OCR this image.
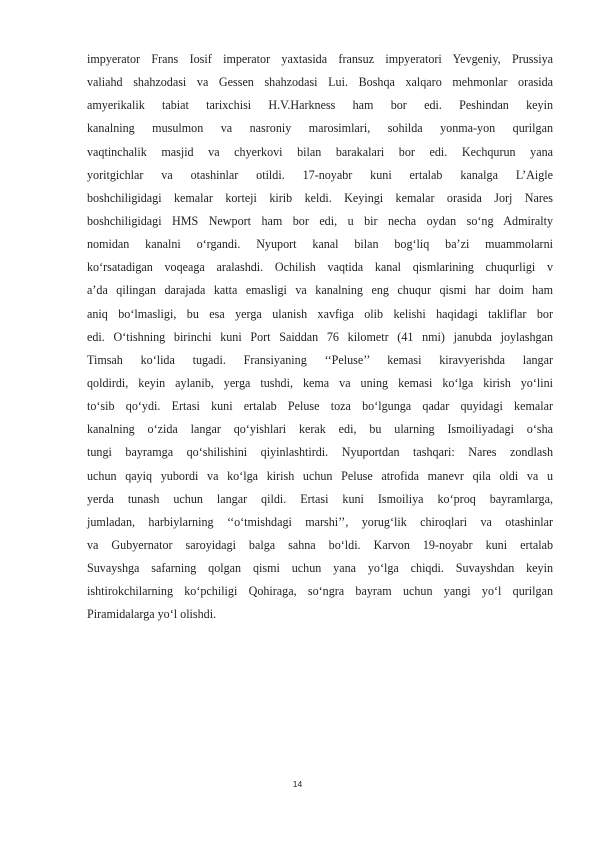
impyerator Frans Iosif imperator yaxtasida fransuz impyeratori Yevgeniy, Prussiya
valiahd shahzodasi va Gessen shahzodasi Lui. Boshqa xalqaro mehmonlar orasida
amyerikalik tabiat tarixchisi H.V.Harkness ham bor edi. Peshindan keyin
kanalning musulmon va nasroniy marosimlari, sohilda yonma-yon qurilgan
vaqtinchalik masjid va chyerkovi bilan barakalari bor edi. Kechqurun yana
yoritgichlar va otashinlar otildi. 17-noyabr kuni ertalab kanalga L’Aigle
boshchiligidagi kemalar korteji kirib keldi. Keyingi kemalar orasida Jorj Nares
boshchiligidagi HMS Newport ham bor edi, u bir necha oydan so‘ng Admiralty
nomidan kanalni o‘rgandi. Nyuport kanal bilan bog‘liq ba’zi muammolarni
ko‘rsatadigan voqeaga aralashdi. Ochilish vaqtida kanal qismlarining chuqurligi v
a’da qilingan darajada katta emasligi va kanalning eng chuqur qismi har doim ham
aniq bo‘lmasligi, bu esa yerga ulanish xavfiga olib kelishi haqidagi takliflar bor
edi. O‘tishning birinchi kuni Port Saiddan 76 kilometr (41 nmi) janubda joylashgan
Timsah ko‘lida tugadi. Fransiyaning ‘‘Peluse’’ kemasi kiravyerishda langar
qoldirdi, keyin aylanib, yerga tushdi, kema va uning kemasi ko‘lga kirish yo‘lini
to‘sib qo‘ydi. Ertasi kuni ertalab Peluse toza bo‘lgunga qadar quyidagi kemalar
kanalning o‘zida langar qo‘yishlari kerak edi, bu ularning Ismoiliyadagi o‘sha
tungi bayramga qo‘shilishini qiyinlashtirdi. Nyuportdan tashqari: Nares zondlash
uchun qayiq yubordi va ko‘lga kirish uchun Peluse atrofida manevr qila oldi va u
yerda tunash uchun langar qildi. Ertasi kuni Ismoiliya ko‘proq bayramlarga,
jumladan, harbiylarning ‘‘o‘tmishdagi marshi’’, yorug‘lik chiroqlari va otashinlar
va Gubyernator saroyidagi balga sahna bo‘ldi. Karvon 19-noyabr kuni ertalab
Suvayshga safarning qolgan qismi uchun yana yo‘lga chiqdi. Suvayshdan keyin
ishtirokchilarning ko‘pchiligi Qohiraga, so‘ngra bayram uchun yangi yo‘l qurilgan
Piramidalarga yo‘l olishdi.

14
